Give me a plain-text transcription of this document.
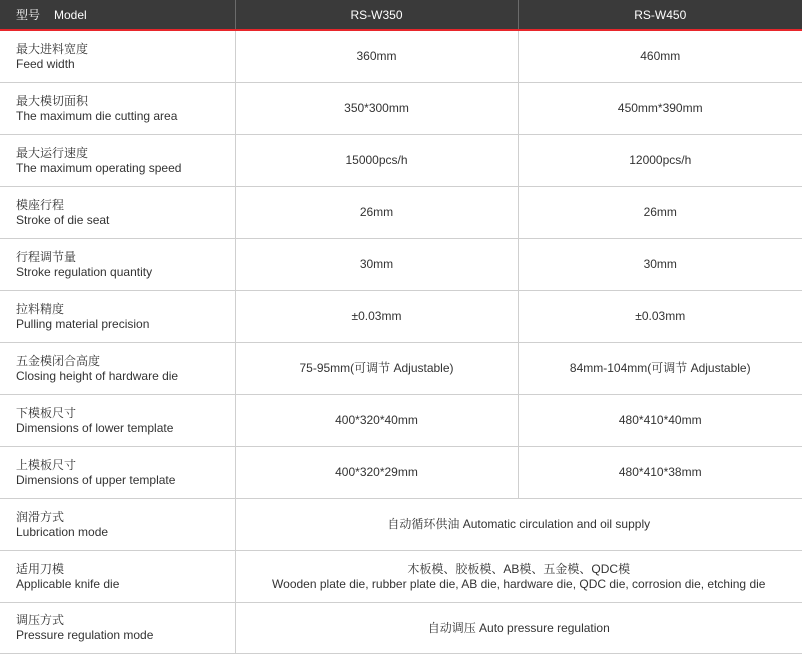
型号 Model	RS-W350	RS-W450

最大进料宽度
Feed width	360mm	460mm

最大模切面积
The maximum die cutting area	350*300mm	450mm*390mm

最大运行速度
The maximum operating speed	15000pcs/h	12000pcs/h

模座行程
Stroke of die seat	26mm	26mm

行程调节量
Stroke regulation quantity	30mm	30mm

拉料精度
Pulling material precision	±0.03mm	±0.03mm

五金模闭合高度
Closing height of hardware die	75-95mm(可调节 Adjustable)	84mm-104mm(可调节 Adjustable)

下模板尺寸
Dimensions of lower template	400*320*40mm	480*410*40mm

上模板尺寸
Dimensions of upper template	400*320*29mm	480*410*38mm

润滑方式
Lubrication mode	自动循环供油 Automatic circulation and oil supply	

适用刀模
Applicable knife die	木板模、胶板模、AB模、五金模、QDC模
Wooden plate die, rubber plate die, AB die, hardware die, QDC die, corrosion die, etching die	

调压方式
Pressure regulation mode	自动调压 Auto pressure regulation	
